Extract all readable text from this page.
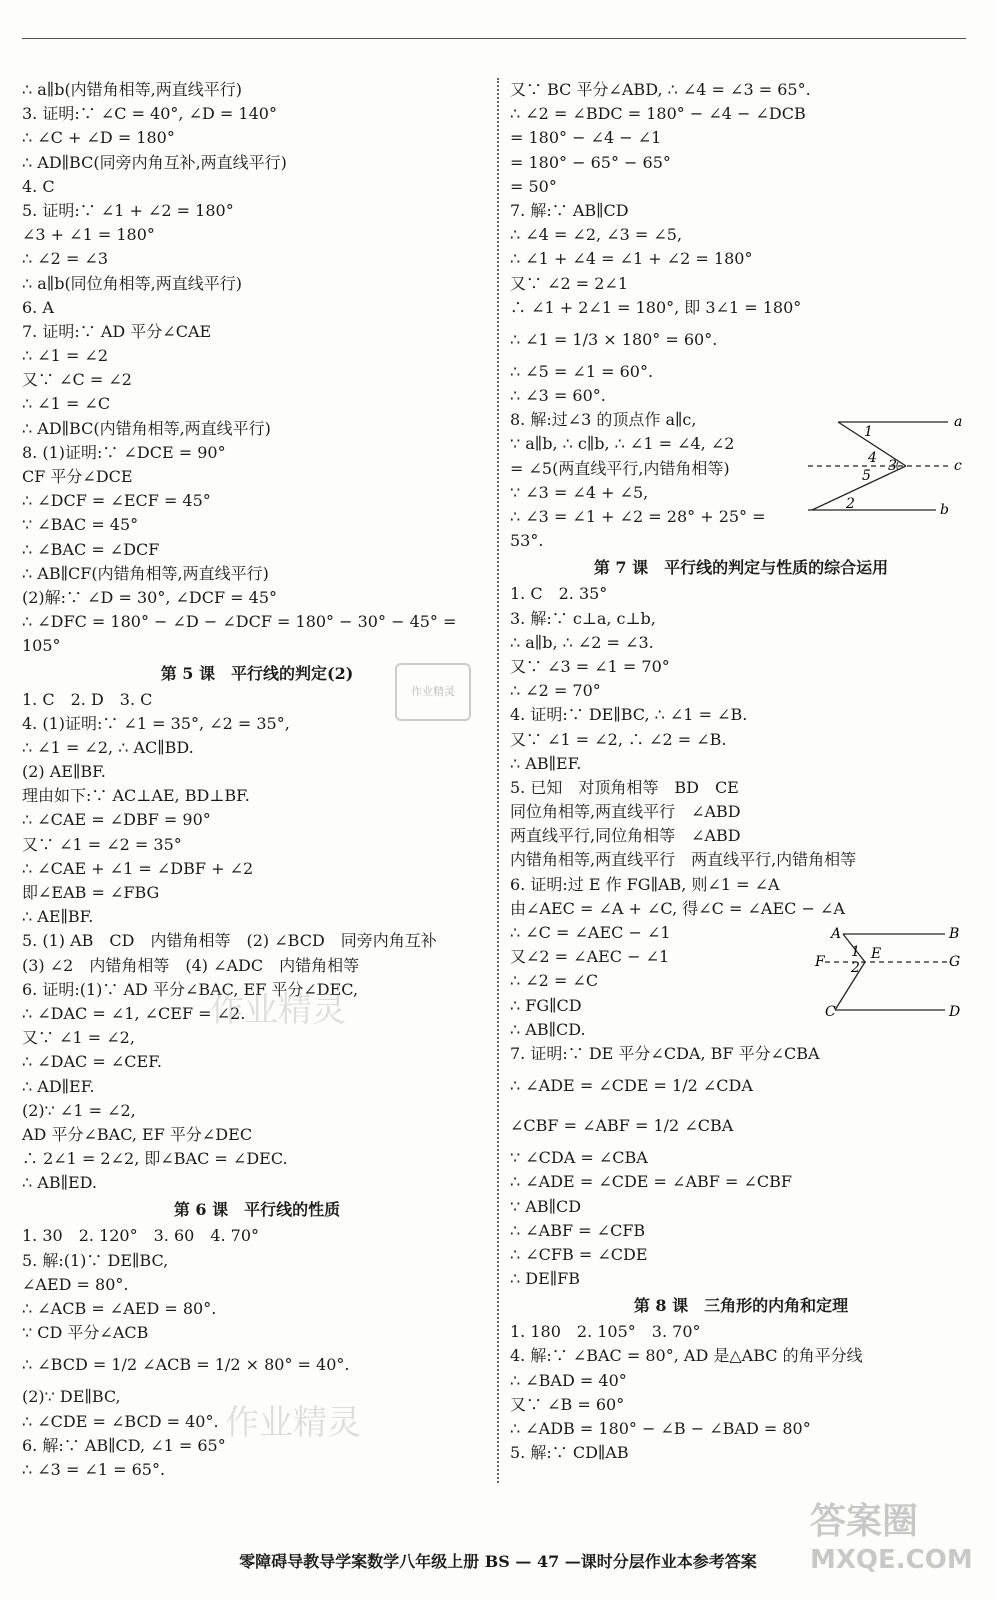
∴ a∥b(内错角相等,两直线平行)
3. 证明:∵ ∠C = 40°, ∠D = 140°
∴ ∠C + ∠D = 180°
∴ AD∥BC(同旁内角互补,两直线平行)
4. C
5. 证明:∵ ∠1 + ∠2 = 180°
∠3 + ∠1 = 180°
∴ ∠2 = ∠3
∴ a∥b(同位角相等,两直线平行)
6. A
7. 证明:∵ AD 平分∠CAE
∴ ∠1 = ∠2
又∵ ∠C = ∠2
∴ ∠1 = ∠C
∴ AD∥BC(内错角相等,两直线平行)
8. (1)证明:∵ ∠DCE = 90°
CF 平分∠DCE
∴ ∠DCF = ∠ECF = 45°
∵ ∠BAC = 45°
∴ ∠BAC = ∠DCF
∴ AB∥CF(内错角相等,两直线平行)
(2)解:∵ ∠D = 30°, ∠DCF = 45°
∴ ∠DFC = 180° − ∠D − ∠DCF = 180° − 30° − 45° =
105°
第 5 课　平行线的判定(2)
1. C　2. D　3. C
4. (1)证明:∵ ∠1 = 35°, ∠2 = 35°,
∴ ∠1 = ∠2, ∴ AC∥BD.
(2) AE∥BF.
理由如下:∵ AC⊥AE, BD⊥BF.
∴ ∠CAE = ∠DBF = 90°
又∵ ∠1 = ∠2 = 35°
∴ ∠CAE + ∠1 = ∠DBF + ∠2
即∠EAB = ∠FBG
∴ AE∥BF.
5. (1) AB　CD　内错角相等　(2) ∠BCD　同旁内角互补
(3) ∠2　内错角相等　(4) ∠ADC　内错角相等
6. 证明:(1)∵ AD 平分∠BAC, EF 平分∠DEC,
∴ ∠DAC = ∠1, ∠CEF = ∠2.
又∵ ∠1 = ∠2,
∴ ∠DAC = ∠CEF.
∴ AD∥EF.
(2)∵ ∠1 = ∠2,
AD 平分∠BAC, EF 平分∠DEC
∴ 2∠1 = 2∠2, 即∠BAC = ∠DEC.
∴ AB∥ED.
第 6 课　平行线的性质
1. 30　2. 120°　3. 60　4. 70°
5. 解:(1)∵ DE∥BC,
∠AED = 80°.
∴ ∠ACB = ∠AED = 80°.
∵ CD 平分∠ACB
∴ ∠BCD = 1/2 ∠ACB = 1/2 × 80° = 40°.
(2)∵ DE∥BC,
∴ ∠CDE = ∠BCD = 40°.
6. 解:∵ AB∥CD, ∠1 = 65°
∴ ∠3 = ∠1 = 65°.
又∵ BC 平分∠ABD, ∴ ∠4 = ∠3 = 65°.
∴ ∠2 = ∠BDC = 180° − ∠4 − ∠DCB
= 180° − ∠4 − ∠1
= 180° − 65° − 65°
= 50°
7. 解:∵ AB∥CD
∴ ∠4 = ∠2, ∠3 = ∠5,
∴ ∠1 + ∠4 = ∠1 + ∠2 = 180°
又∵ ∠2 = 2∠1
∴ ∠1 + 2∠1 = 180°, 即 3∠1 = 180°
∴ ∠1 = 1/3 × 180° = 60°.
∴ ∠5 = ∠1 = 60°.
∴ ∠3 = 60°.
8. 解:过∠3 的顶点作 a∥c,
∵ a∥b, ∴ c∥b, ∴ ∠1 = ∠4, ∠2
= ∠5(两直线平行,内错角相等)
∵ ∠3 = ∠4 + ∠5,
∴ ∠3 = ∠1 + ∠2 = 28° + 25° =
53°.
第 7 课　平行线的判定与性质的综合运用
1. C　2. 35°
3. 解:∵ c⊥a, c⊥b,
∴ a∥b, ∴ ∠2 = ∠3.
又∵ ∠3 = ∠1 = 70°
∴ ∠2 = 70°
4. 证明:∵ DE∥BC, ∴ ∠1 = ∠B.
又∵ ∠1 = ∠2, ∴ ∠2 = ∠B.
∴ AB∥EF.
5. 已知　对顶角相等　BD　CE
同位角相等,两直线平行　∠ABD
两直线平行,同位角相等　∠ABD
内错角相等,两直线平行　两直线平行,内错角相等
6. 证明:过 E 作 FG∥AB, 则∠1 = ∠A
由∠AEC = ∠A + ∠C, 得∠C = ∠AEC − ∠A
∴ ∠C = ∠AEC − ∠1
又∠2 = ∠AEC − ∠1
∴ ∠2 = ∠C
∴ FG∥CD
∴ AB∥CD.
7. 证明:∵ DE 平分∠CDA, BF 平分∠CBA
∴ ∠ADE = ∠CDE = 1/2 ∠CDA
∠CBF = ∠ABF = 1/2 ∠CBA
∵ ∠CDA = ∠CBA
∴ ∠ADE = ∠CDE = ∠ABF = ∠CBF
∵ AB∥CD
∴ ∠ABF = ∠CFB
∴ ∠CFB = ∠CDE
∴ DE∥FB
第 8 课　三角形的内角和定理
1. 180　2. 105°　3. 70°
4. 解:∵ ∠BAC = 80°, AD 是△ABC 的角平分线
∴ ∠BAD = 40°
又∵ ∠B = 60°
∴ ∠ADB = 180° − ∠B − ∠BAD = 80°
5. 解:∵ CD∥AB
a
c
b
1
2
3
4
5
A	B
F	G
E
1
2
C	D
作业精灵
作业精灵
作业精灵
零障碍导教导学案数学八年级上册 BS — 47 —课时分层作业本参考答案
答案圈
MXQE.COM
